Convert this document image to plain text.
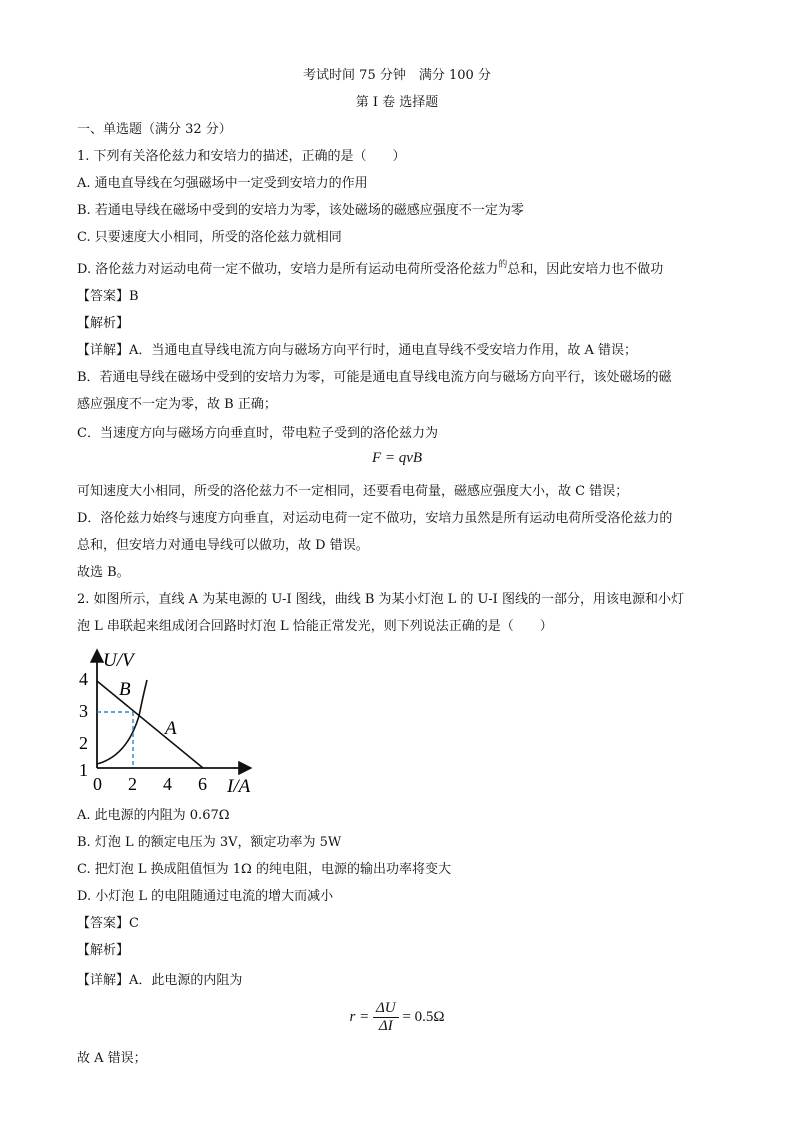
考试时间 75 分钟　满分 100 分
第 I 卷 选择题
一、单选题（满分 32 分）
1. 下列有关洛伦兹力和安培力的描述，正确的是（　　）
A. 通电直导线在匀强磁场中一定受到安培力的作用
B. 若通电导线在磁场中受到的安培力为零，该处磁场的磁感应强度不一定为零
C. 只要速度大小相同，所受的洛伦兹力就相同
D. 洛伦兹力对运动电荷一定不做功，安培力是所有运动电荷所受洛伦兹力$^的$总和，因此安培力也不做功
【答案】B
【解析】
【详解】A．当通电直导线电流方向与磁场方向平行时，通电直导线不受安培力作用，故 A 错误；
B．若通电导线在磁场中受到的安培力为零，可能是通电直导线电流方向与磁场方向平行，该处磁场的磁
感应强度不一定为零，故 B 正确；
C．当速度方向与磁场方向垂直时，带电粒子受到的洛伦兹力为
F = qvB
可知速度大小相同，所受的洛伦兹力不一定相同，还要看电荷量，磁感应强度大小，故 C 错误；
D．洛伦兹力始终与速度方向垂直，对运动电荷一定不做功，安培力虽然是所有运动电荷所受洛伦兹力的
总和，但安培力对通电导线可以做功，故 D 错误。
故选 B。
2. 如图所示，直线 A 为某电源的 U-I 图线，曲线 B 为某小灯泡 L 的 U-I 图线的一部分，用该电源和小灯
泡 L 串联起来组成闭合回路时灯泡 L 恰能正常发光，则下列说法正确的是（　　）
U/V
I/A
4
3
2
1
0 2 4 6
B
A
A. 此电源的内阻为 0.67Ω
B. 灯泡 L 的额定电压为 3V，额定功率为 5W
C. 把灯泡 L 换成阻值恒为 1Ω 的纯电阻，电源的输出功率将变大
D. 小灯泡 L 的电阻随通过电流的增大而减小
【答案】C
【解析】
【详解】A．此电源的内阻为
$r = \frac{\Delta U}{\Delta I} = 0.5\Omega$
故 A 错误；
